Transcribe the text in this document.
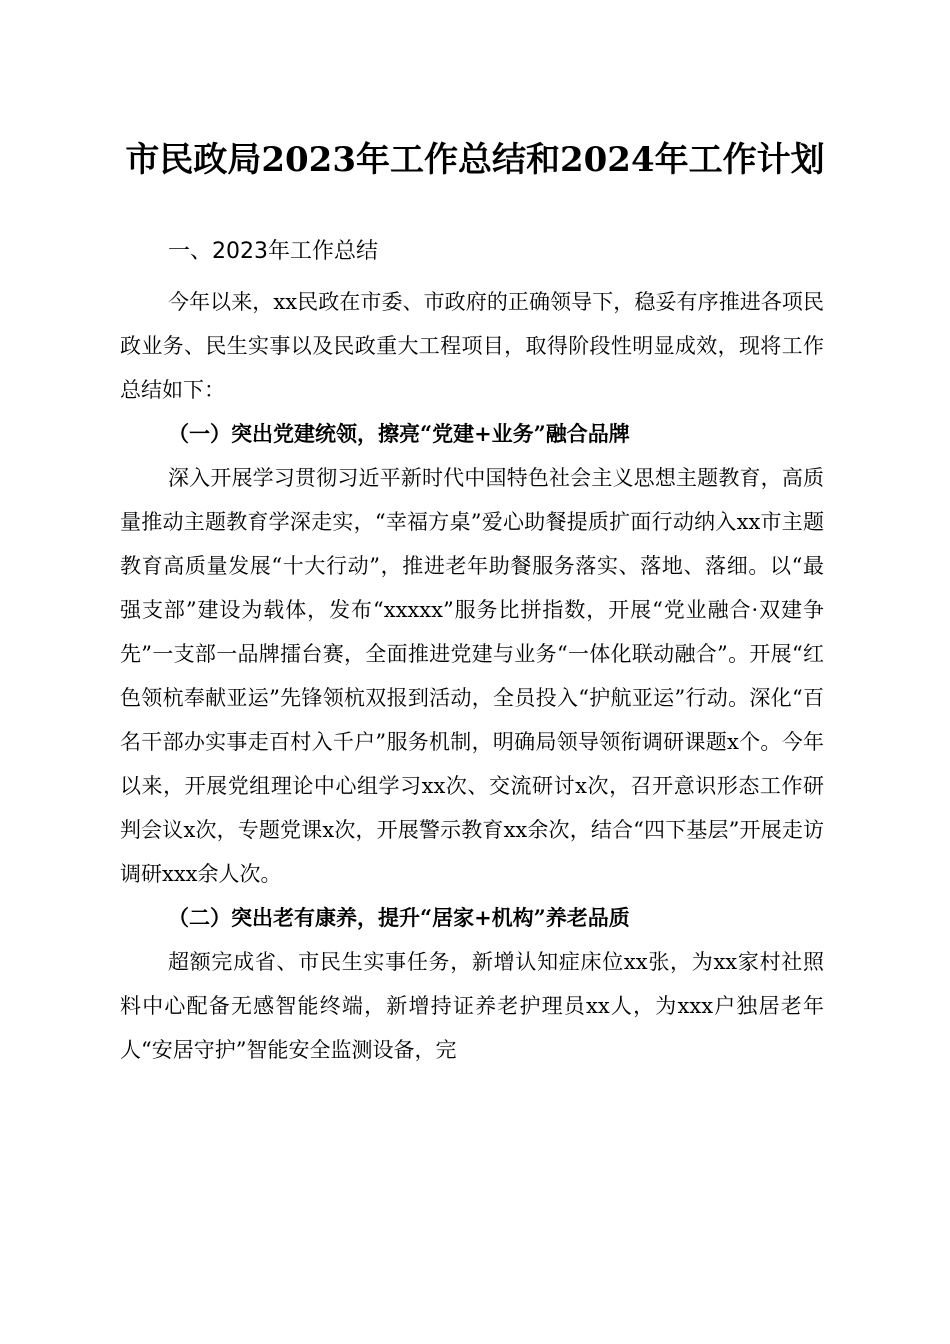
市民政局2023年工作总结和2024年工作计划

一、2023年工作总结

今年以来，xx民政在市委、市政府的正确领导下，稳妥有序推进各项民政业务、民生实事以及民政重大工程项目，取得阶段性明显成效，现将工作总结如下：

（一）突出党建统领，擦亮“党建+业务”融合品牌

深入开展学习贯彻习近平新时代中国特色社会主义思想主题教育，高质量推动主题教育学深走实，“幸福方桌”爱心助餐提质扩面行动纳入xx市主题教育高质量发展“十大行动”，推进老年助餐服务落实、落地、落细。以“最强支部”建设为载体，发布“xxxxx”服务比拼指数，开展“党业融合·双建争先”一支部一品牌擂台赛，全面推进党建与业务“一体化联动融合”。开展“红色领杭奉献亚运”先锋领杭双报到活动，全员投入“护航亚运”行动。深化“百名干部办实事走百村入千户”服务机制，明确局领导领衔调研课题x个。今年以来，开展党组理论中心组学习xx次、交流研讨x次，召开意识形态工作研判会议x次，专题党课x次，开展警示教育xx余次，结合“四下基层”开展走访调研xxx余人次。

（二）突出老有康养，提升“居家+机构”养老品质

超额完成省、市民生实事任务，新增认知症床位xx张，为xx家村社照料中心配备无感智能终端，新增持证养老护理员xx人，为xxx户独居老年人“安居守护”智能安全监测设备，完
